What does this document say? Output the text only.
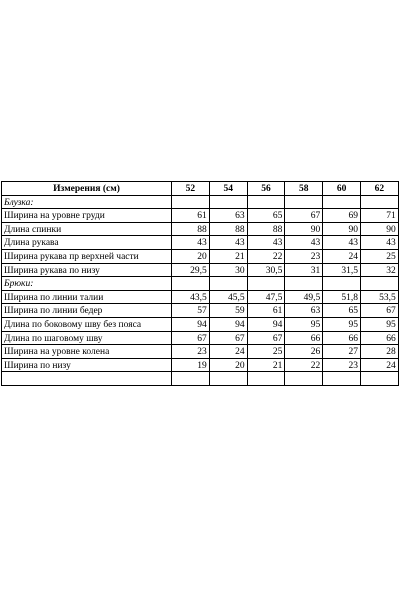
Измерения (см)	52	54	56	58	60	62
Блузка:						
Ширина на уровне груди	61	63	65	67	69	71
Длина спинки	88	88	88	90	90	90
Длина рукава	43	43	43	43	43	43
Ширина рукава пр верхней части	20	21	22	23	24	25
Ширина рукава по низу	29,5	30	30,5	31	31,5	32
Брюки:						
Ширина по линии талии	43,5	45,5	47,5	49,5	51,8	53,5
Ширина по линии бедер	57	59	61	63	65	67
Длина по боковому шву без пояса	94	94	94	95	95	95
Длина по шаговому шву	67	67	67	66	66	66
Ширина на уровне колена	23	24	25	26	27	28
Ширина по низу	19	20	21	22	23	24
